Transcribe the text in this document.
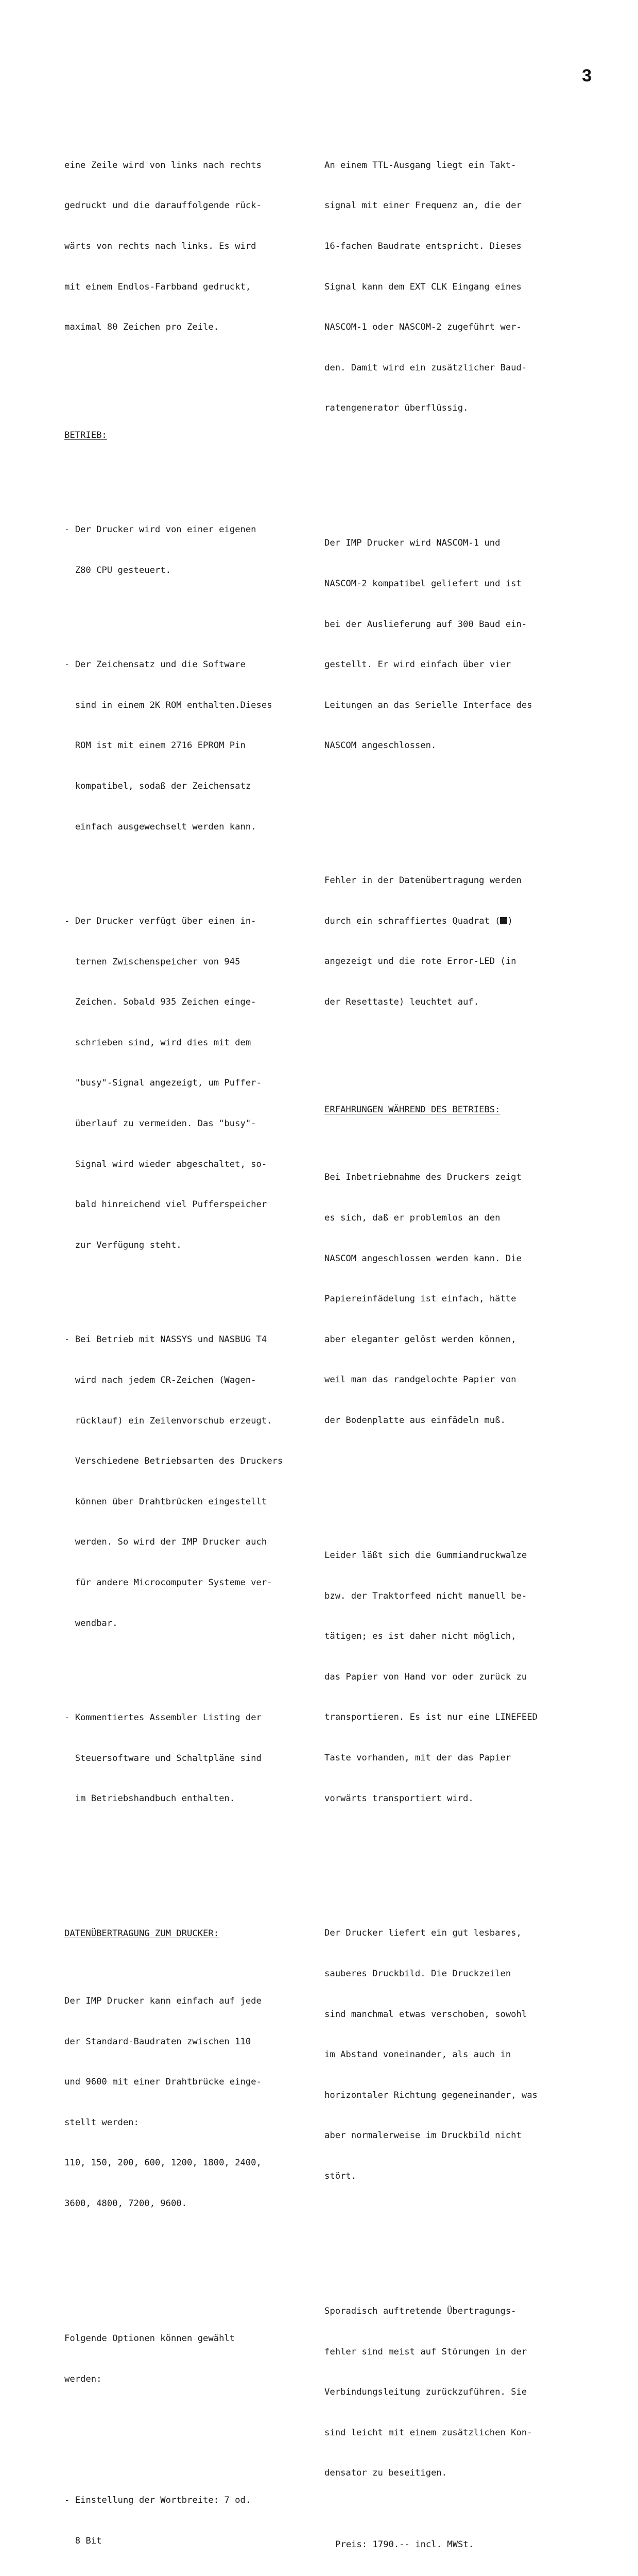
3

eine Zeile wird von links nach rechts

gedruckt und die darauffolgende rück-

wärts von rechts nach links. Es wird

mit einem Endlos-Farbband gedruckt,

maximal 80 Zeichen pro Zeile.

BETRIEB:

- Der Drucker wird von einer eigenen

Z80 CPU gesteuert.

- Der Zeichensatz und die Software

sind in einem 2K ROM enthalten.Dieses

ROM ist mit einem 2716 EPROM Pin

kompatibel, sodaß der Zeichensatz

einfach ausgewechselt werden kann.

- Der Drucker verfügt über einen in-

ternen Zwischenspeicher von 945

Zeichen. Sobald 935 Zeichen einge-

schrieben sind, wird dies mit dem

"busy"-Signal angezeigt, um Puffer-

überlauf zu vermeiden. Das "busy"-

Signal wird wieder abgeschaltet, so-

bald hinreichend viel Pufferspeicher

zur Verfügung steht.

- Bei Betrieb mit NASSYS und NASBUG T4

wird nach jedem CR-Zeichen (Wagen-

rücklauf) ein Zeilenvorschub erzeugt.

Verschiedene Betriebsarten des Druckers

können über Drahtbrücken eingestellt

werden. So wird der IMP Drucker auch

für andere Microcomputer Systeme ver-

wendbar.

- Kommentiertes Assembler Listing der

Steuersoftware und Schaltpläne sind

im Betriebshandbuch enthalten.

DATENÜBERTRAGUNG ZUM DRUCKER:

Der IMP Drucker kann einfach auf jede

der Standard-Baudraten zwischen 110

und 9600 mit einer Drahtbrücke einge-

stellt werden:

110, 150, 200, 600, 1200, 1800, 2400,

3600, 4800, 7200, 9600.

Folgende Optionen können gewählt

werden:

- Einstellung der Wortbreite: 7 od.

8 Bit

An einem TTL-Ausgang liegt ein Takt-

signal mit einer Frequenz an, die der

16-fachen Baudrate entspricht. Dieses

Signal kann dem EXT CLK Eingang eines

NASCOM-1 oder NASCOM-2 zugeführt wer-

den. Damit wird ein zusätzlicher Baud-

ratengenerator überflüssig.

Der IMP Drucker wird NASCOM-1 und

NASCOM-2 kompatibel geliefert und ist

bei der Auslieferung auf 300 Baud ein-

gestellt. Er wird einfach über vier

Leitungen an das Serielle Interface des

NASCOM angeschlossen.

Fehler in der Datenübertragung werden

durch ein schraffiertes Quadrat ( )

angezeigt und die rote Error-LED (in

der Resettaste) leuchtet auf.

ERFAHRUNGEN WÄHREND DES BETRIEBS:

Bei Inbetriebnahme des Druckers zeigt

es sich, daß er problemlos an den

NASCOM angeschlossen werden kann. Die

Papiereinfädelung ist einfach, hätte

aber eleganter gelöst werden können,

weil man das randgelochte Papier von

der Bodenplatte aus einfädeln muß.

Leider läßt sich die Gummiandruckwalze

bzw. der Traktorfeed nicht manuell be-

tätigen; es ist daher nicht möglich,

das Papier von Hand vor oder zurück zu

transportieren. Es ist nur eine LINEFEED

Taste vorhanden, mit der das Papier

vorwärts transportiert wird.

Der Drucker liefert ein gut lesbares,

sauberes Druckbild. Die Druckzeilen

sind manchmal etwas verschoben, sowohl

im Abstand voneinander, als auch in

horizontaler Richtung gegeneinander, was

aber normalerweise im Druckbild nicht

stört.

Sporadisch auftretende Übertragungs-

fehler sind meist auf Störungen in der

Verbindungsleitung zurückzuführen. Sie

sind leicht mit einem zusätzlichen Kon-

densator zu beseitigen.

Preis: 1790.-- incl. MWSt.
